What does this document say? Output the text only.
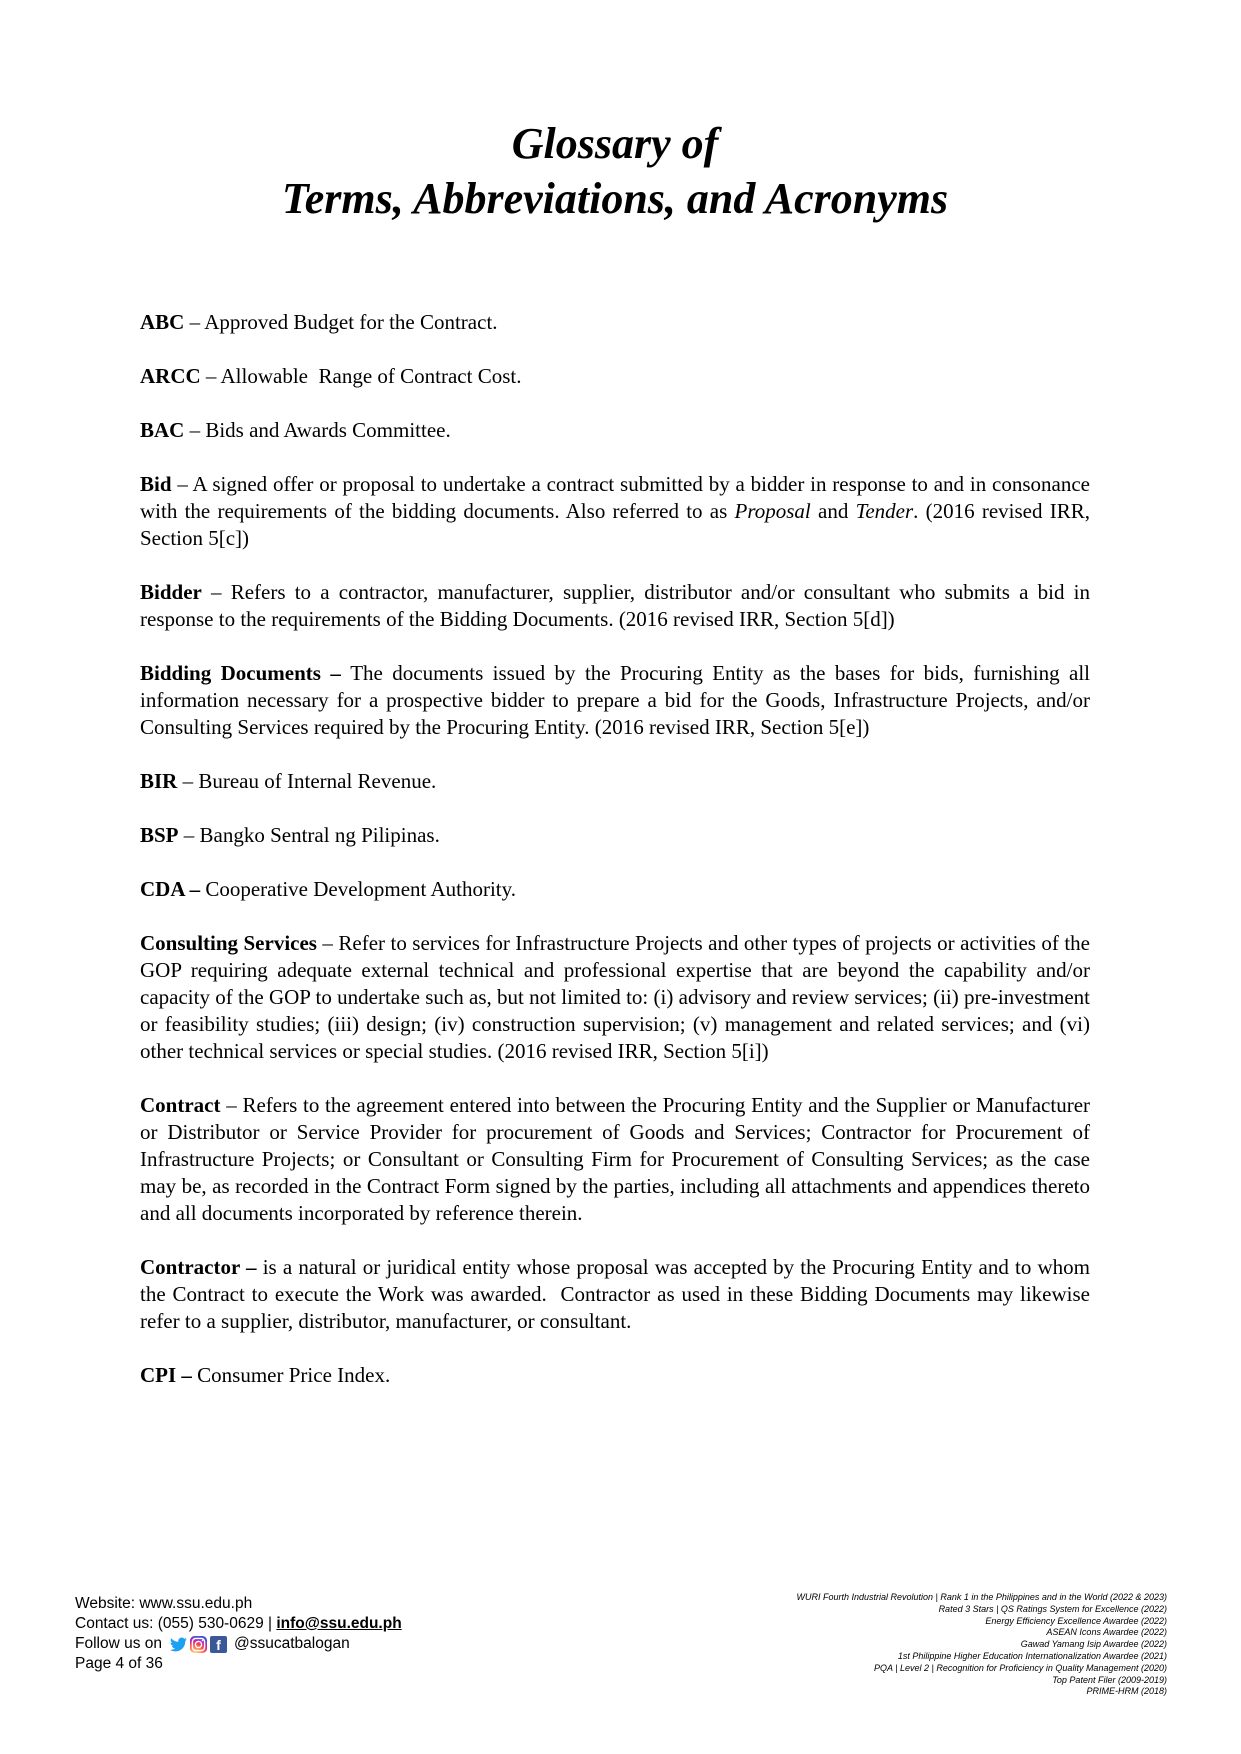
Glossary of
Terms, Abbreviations, and Acronyms

ABC – Approved Budget for the Contract.

ARCC – Allowable  Range of Contract Cost.

BAC – Bids and Awards Committee.

Bid – A signed offer or proposal to undertake a contract submitted by a bidder in response to and in consonance with the requirements of the bidding documents. Also referred to as Proposal and Tender. (2016 revised IRR, Section 5[c])

Bidder – Refers to a contractor, manufacturer, supplier, distributor and/or consultant who submits a bid in response to the requirements of the Bidding Documents. (2016 revised IRR, Section 5[d])

Bidding Documents – The documents issued by the Procuring Entity as the bases for bids, furnishing all information necessary for a prospective bidder to prepare a bid for the Goods, Infrastructure Projects, and/or Consulting Services required by the Procuring Entity. (2016 revised IRR, Section 5[e])

BIR – Bureau of Internal Revenue.

BSP – Bangko Sentral ng Pilipinas.

CDA – Cooperative Development Authority.

Consulting Services – Refer to services for Infrastructure Projects and other types of projects or activities of the GOP requiring adequate external technical and professional expertise that are beyond the capability and/or capacity of the GOP to undertake such as, but not limited to: (i) advisory and review services; (ii) pre-investment or feasibility studies; (iii) design; (iv) construction supervision; (v) management and related services; and (vi) other technical services or special studies. (2016 revised IRR, Section 5[i])

Contract – Refers to the agreement entered into between the Procuring Entity and the Supplier or Manufacturer or Distributor or Service Provider for procurement of Goods and Services; Contractor for Procurement of Infrastructure Projects; or Consultant or Consulting Firm for Procurement of Consulting Services; as the case may be, as recorded in the Contract Form signed by the parties, including all attachments and appendices thereto and all documents incorporated by reference therein.

Contractor – is a natural or juridical entity whose proposal was accepted by the Procuring Entity and to whom the Contract to execute the Work was awarded.  Contractor as used in these Bidding Documents may likewise refer to a supplier, distributor, manufacturer, or consultant.

CPI – Consumer Price Index.

Website: www.ssu.edu.ph
Contact us: (055) 530-0629 | info@ssu.edu.ph
Follow us on	f @ssucatbalogan
Page 4 of 36
WURI Fourth Industrial Revolution | Rank 1 in the Philippines and in the World (2022 & 2023)
Rated 3 Stars | QS Ratings System for Excellence (2022)
Energy Efficiency Excellence Awardee (2022)
ASEAN Icons Awardee (2022)
Gawad Yamang Isip Awardee (2022)
1st Philippine Higher Education Internationalization Awardee (2021)
PQA | Level 2 | Recognition for Proficiency in Quality Management (2020)
Top Patent Filer (2009-2019)
PRIME-HRM (2018)
